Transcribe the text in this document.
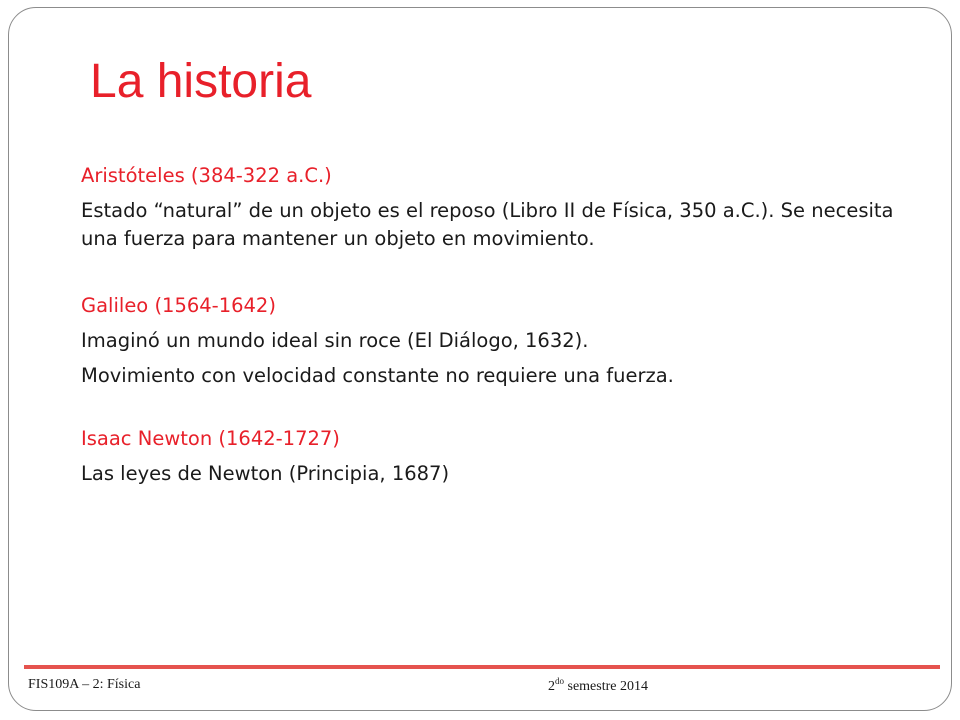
La historia

Aristóteles (384-322 a.C.)

Estado “natural” de un objeto es el reposo (Libro II de Física, 350 a.C.). Se necesita una fuerza para mantener un objeto en movimiento.

Galileo (1564-1642)

Imaginó un mundo ideal sin roce (El Diálogo, 1632).

Movimiento con velocidad constante no requiere una fuerza.

Isaac Newton (1642-1727)

Las leyes de Newton (Principia, 1687)

FIS109A – 2: Física	$2^{do}$ semestre 2014
